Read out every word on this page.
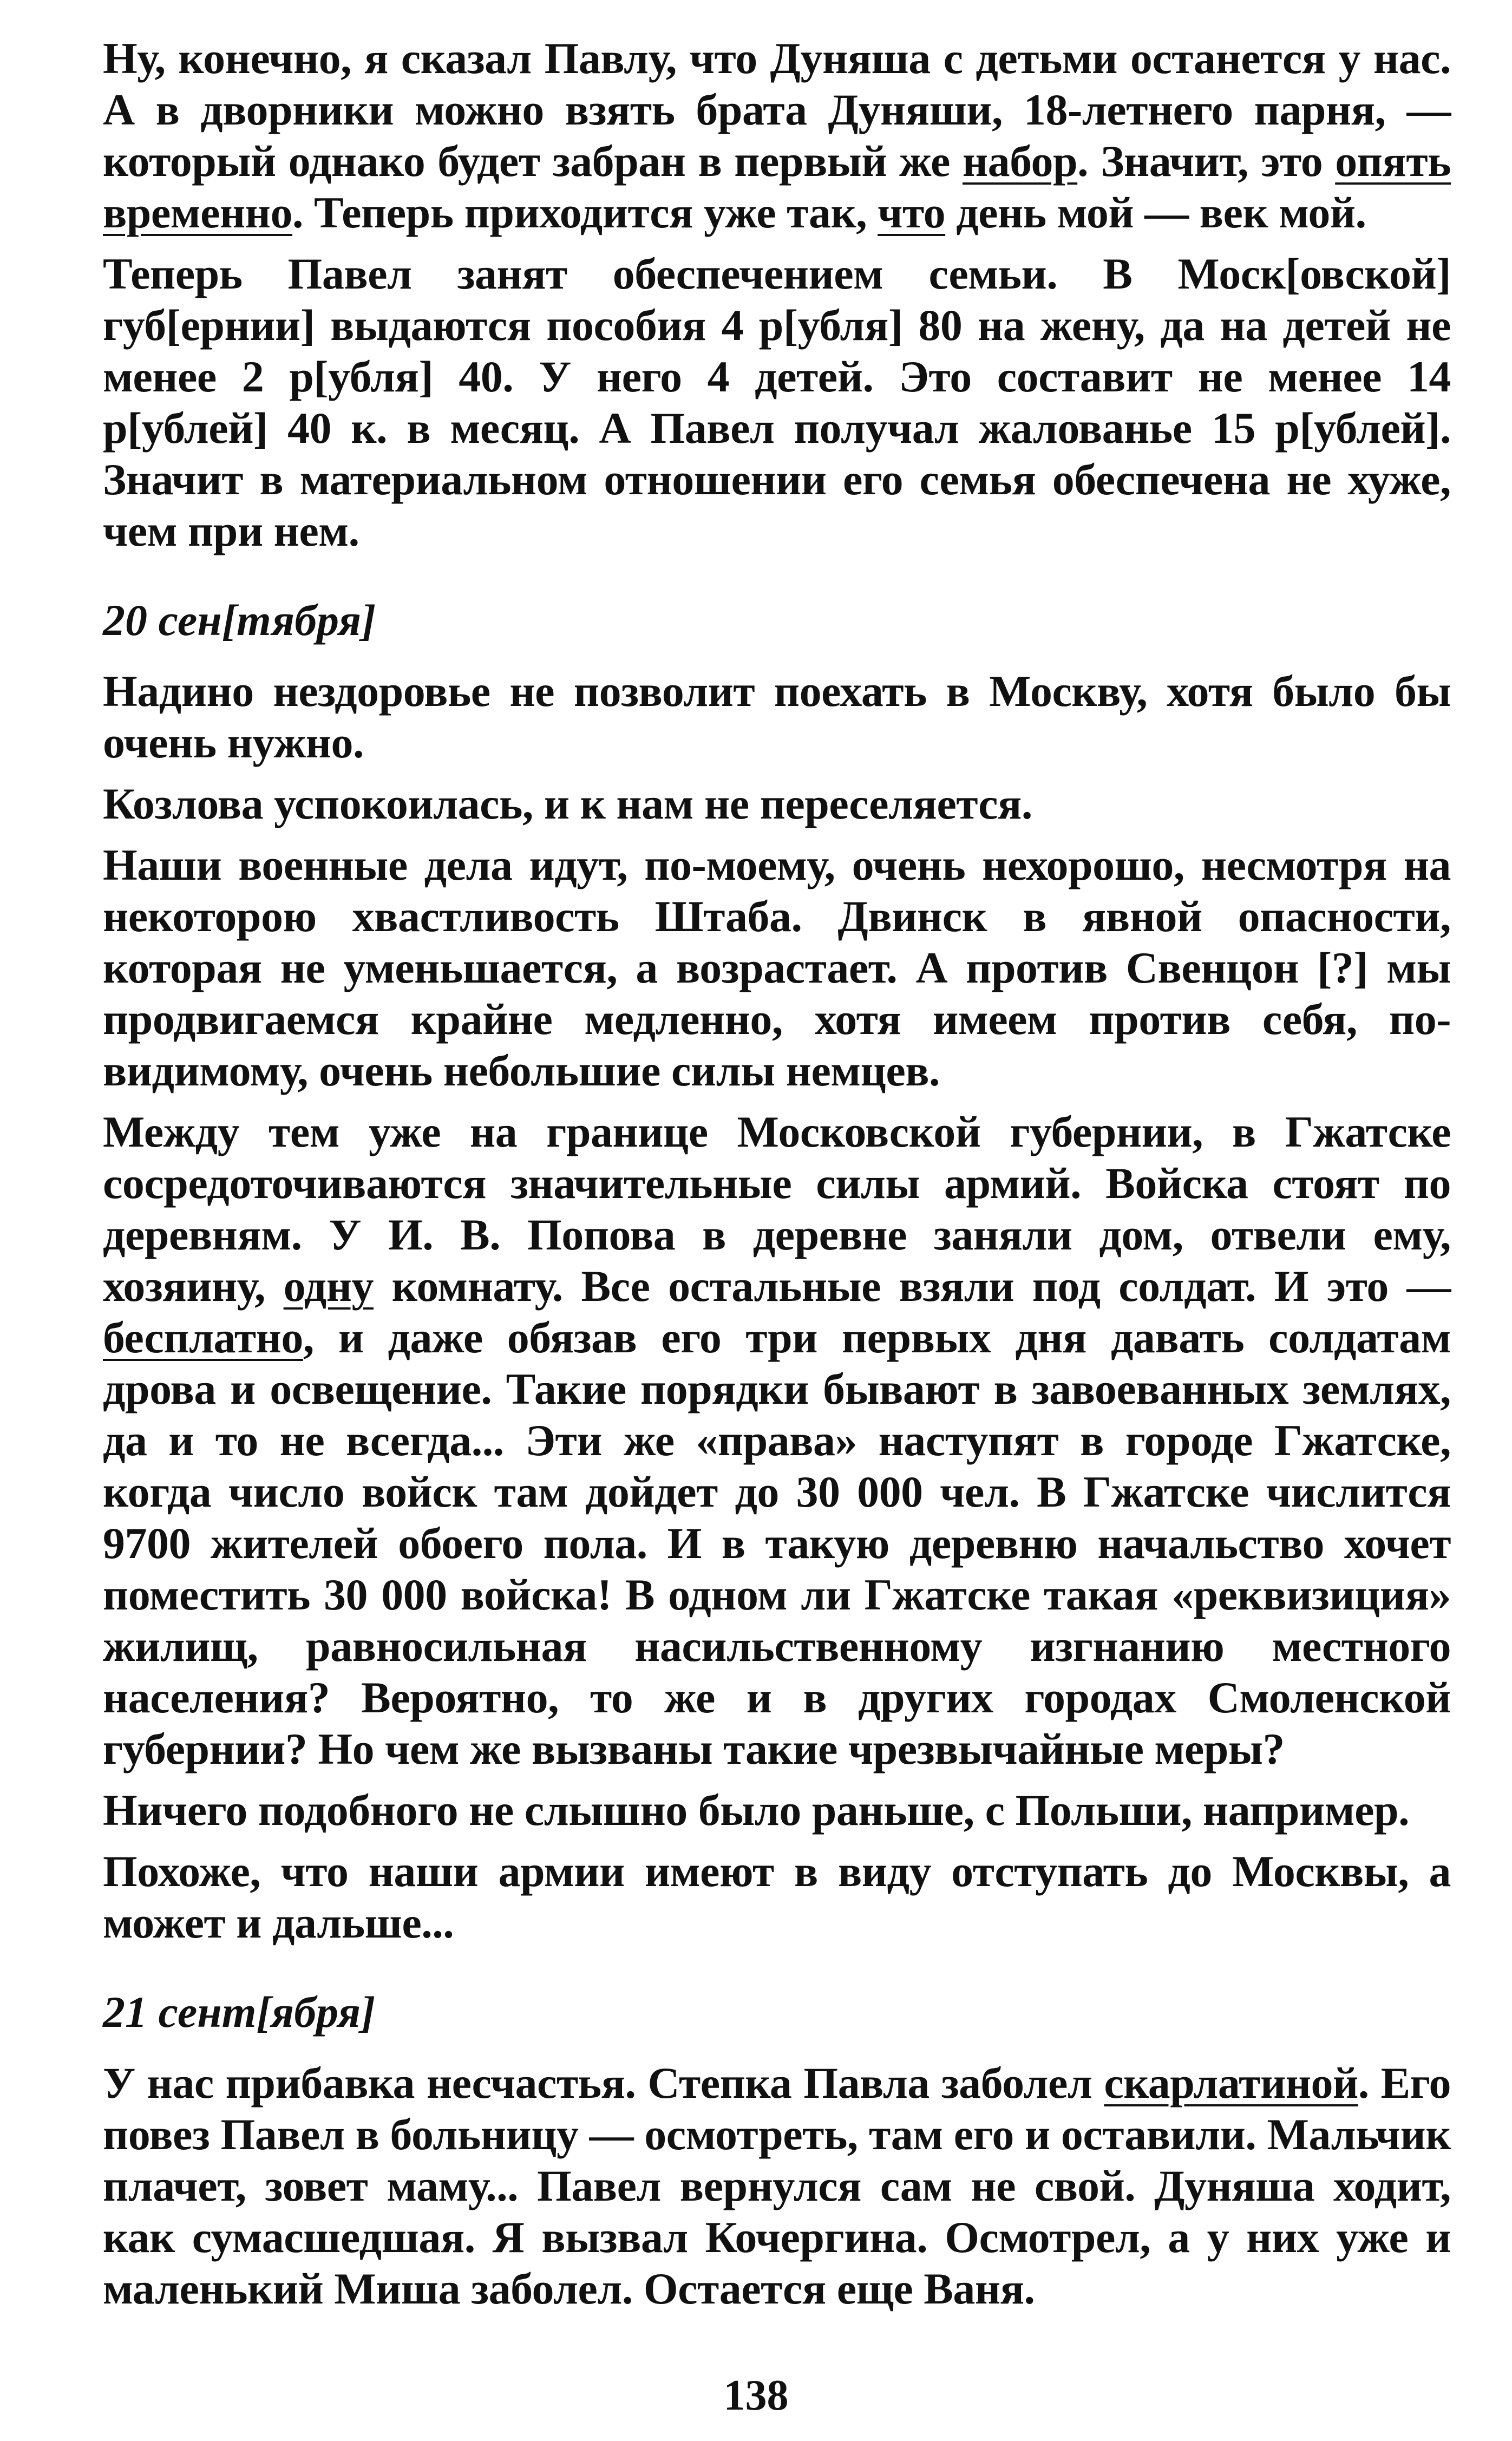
Ну, конечно, я сказал Павлу, что Дуняша с детьми останется у нас. А в дворники можно взять брата Дуняши, 18-летнего парня, — который однако будет забран в первый же набор. Значит, это опять временно. Теперь приходится уже так, что день мой — век мой.

Теперь Павел занят обеспечением семьи. В Моск[овской] губ[ернии] выдаются пособия 4 р[убля] 80 на жену, да на детей не менее 2 р[убля] 40. У него 4 детей. Это составит не менее 14 р[ублей] 40 к. в месяц. А Павел получал жалованье 15 р[ублей]. Значит в материальном отношении его семья обеспечена не хуже, чем при нем.

20 сен[тября]

Надино нездоровье не позволит поехать в Москву, хотя было бы очень нужно.

Козлова успокоилась, и к нам не переселяется.

Наши военные дела идут, по-моему, очень нехорошо, несмотря на некоторою хвастливость Штаба. Двинск в явной опасности, которая не уменьшается, а возрастает. А против Свенцон [?] мы продвигаемся крайне медленно, хотя имеем против себя, по-видимому, очень небольшие силы немцев.

Между тем уже на границе Московской губернии, в Гжатске сосредоточиваются значительные силы армий. Войска стоят по деревням. У И. В. Попова в деревне заняли дом, отвели ему, хозяину, одну комнату. Все остальные взяли под солдат. И это — бесплатно, и даже обязав его три первых дня давать солдатам дрова и освещение. Такие порядки бывают в завоеванных землях, да и то не всегда... Эти же «права» наступят в городе Гжатске, когда число войск там дойдет до 30 000 чел. В Гжатске числится 9700 жителей обоего пола. И в такую деревню начальство хочет поместить 30 000 войска! В одном ли Гжатске такая «реквизиция» жилищ, равносильная насильственному изгнанию местного населения? Вероятно, то же и в других городах Смоленской губернии? Но чем же вызваны такие чрезвычайные меры?

Ничего подобного не слышно было раньше, с Польши, например.

Похоже, что наши армии имеют в виду отступать до Москвы, а может и дальше...

21 сент[ября]

У нас прибавка несчастья. Степка Павла заболел скарлатиной. Его повез Павел в больницу — осмотреть, там его и оставили. Мальчик плачет, зовет маму... Павел вернулся сам не свой. Дуняша ходит, как сумасшедшая. Я вызвал Кочергина. Осмотрел, а у них уже и маленький Миша заболел. Остается еще Ваня.

138
